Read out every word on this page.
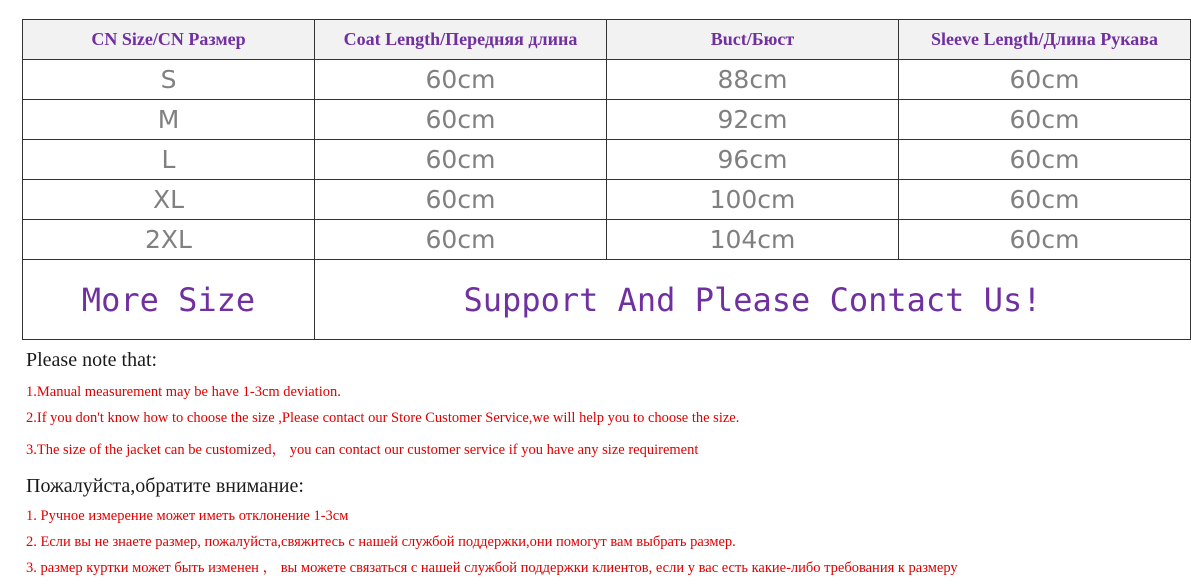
CN Size/CN Размер	Coat Length/Передняя длина	Buct/Бюст	Sleeve Length/Длина Рукава
S	60cm	88cm	60cm
M	60cm	92cm	60cm
L	60cm	96cm	60cm
XL	60cm	100cm	60cm
2XL	60cm	104cm	60cm
More Size	Support And Please Contact Us!		

Please note that:

1.Manual measurement may be have 1-3cm deviation.

2.If you don't know how to choose the size ,Please contact our Store Customer Service,we will help you to choose the size.

3.The size of the jacket can be customized， you can contact our customer service if you have any size requirement

Пожалуйста,обратите внимание:

1. Ручное измерение может иметь отклонение 1-3см

2. Если вы не знаете размер, пожалуйста,свяжитесь с нашей службой поддержки,они помогут вам выбрать размер.

3. размер куртки может быть изменен ， вы можете связаться с нашей службой поддержки клиентов, если у вас есть какие-либо требования к размеру
